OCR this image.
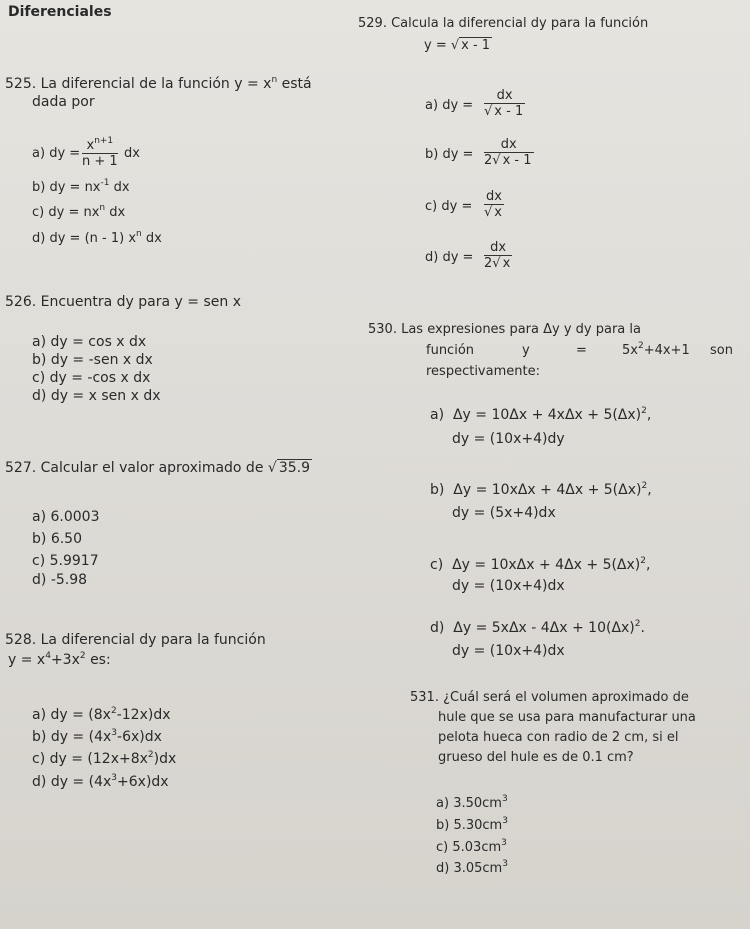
Diferenciales
525. La diferencial de la función $y = x^n$ está
dada por
a) dy = $\frac{x^{n+1}}{n + 1}$ dx
b) dy = $nx^{-1}$ dx
c) dy = $nx^n$ dx
d) dy = (n - 1) $x^n$ dx
526. Encuentra dy para y = sen x
a) dy = cos x dx
b) dy = -sen x dx
c) dy = -cos x dx
d) dy = x sen x dx
527. Calcular el valor aproximado de √ 35.9
a) 6.0003
b) 6.50
c) 5.9917
d) -5.98
528. La diferencial dy para la función
$y = x^4+3x^2$ es:
a) dy = $(8x^2-12x)dx$
b) dy = $(4x^3-6x)dx$
c) dy = $(12x+8x^2)dx$
d) dy = $(4x^3+6x)dx$
529. Calcula la diferencial dy para la función
y = √ x - 1
a) dy = dx
√ x - 1
b) dy = $\frac{dx}{2 √ x - 1}$
c) dy = dx
√ x
d) dy = $\frac{dx}{2 √ x}$
530. Las expresiones para Δy y dy para la
función	y	=	$5x^2+4x+1$ son
respectivamente:
a) $\Delta y = 10\Delta x + 4x\Delta x + 5(\Delta x)^2$,
dy = (10x+4)dy
b) $\Delta y = 10x\Delta x + 4\Delta x + 5(\Delta x)^2$,
dy = (5x+4)dx
c) $\Delta y = 10x\Delta x + 4\Delta x + 5(\Delta x)^2$,
dy = (10x+4)dx
d) $\Delta y = 5x\Delta x - 4\Delta x + 10(\Delta x)^2$.
dy = (10x+4)dx
531. ¿Cuál será el volumen aproximado de
hule que se usa para manufacturar una
pelota hueca con radio de 2 cm, si el
grueso del hule es de 0.1 cm?
a) $3.50cm^3$
b) $5.30cm^3$
c) $5.03cm^3$
d) $3.05cm^3$
